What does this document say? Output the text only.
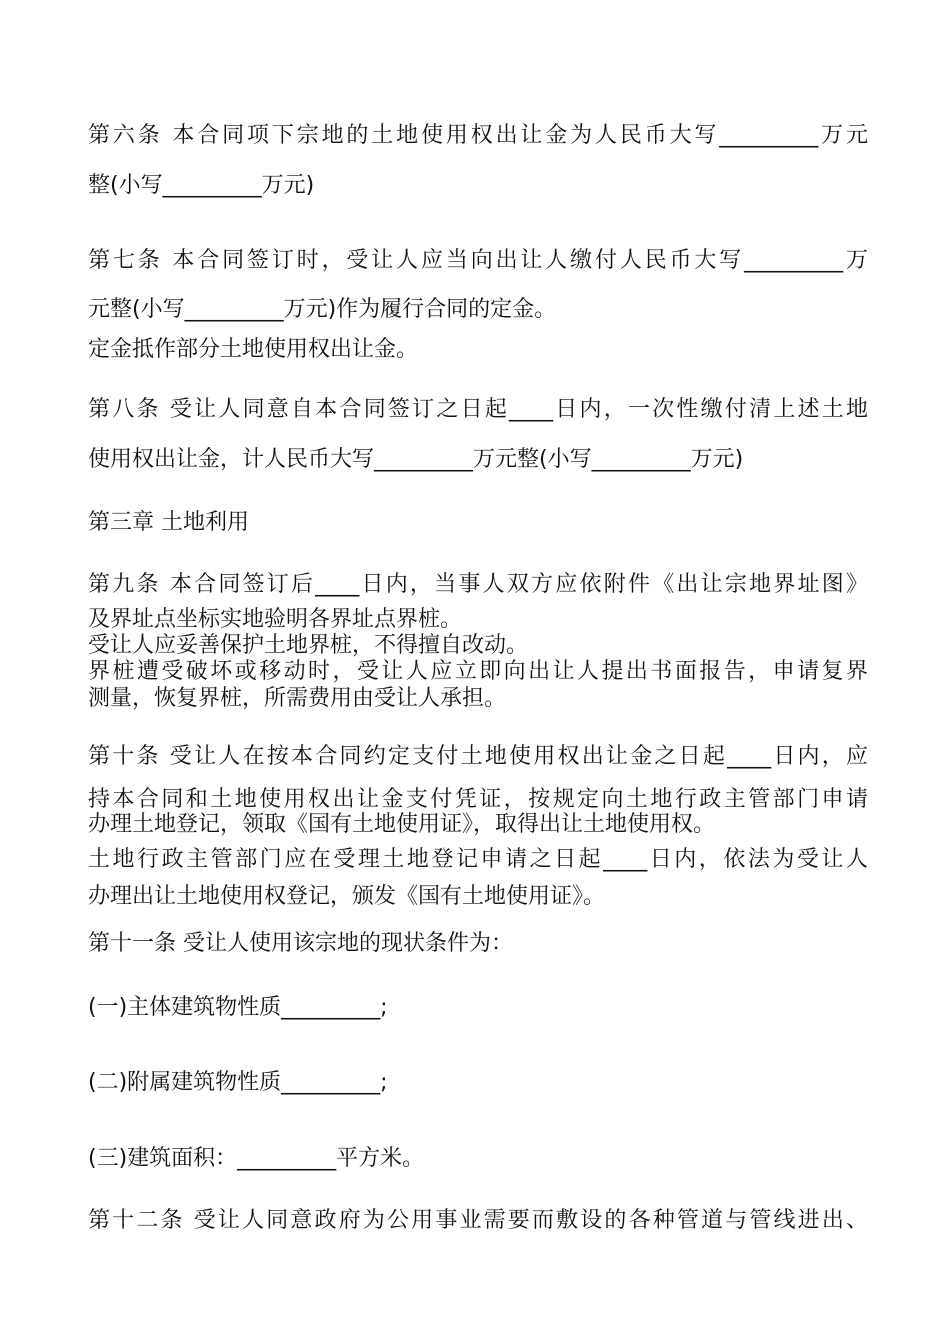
第六条 本合同项下宗地的土地使用权出让金为人民币大写_________万元
整(小写_________万元)
第七条 本合同签订时，受让人应当向出让人缴付人民币大写_________万
元整(小写_________万元)作为履行合同的定金。
定金抵作部分土地使用权出让金。
第八条 受让人同意自本合同签订之日起____日内，一次性缴付清上述土地
使用权出让金，计人民币大写_________万元整(小写_________万元)
第三章 土地利用
第九条 本合同签订后____日内，当事人双方应依附件《出让宗地界址图》
及界址点坐标实地验明各界址点界桩。
受让人应妥善保护土地界桩，不得擅自改动。
界桩遭受破坏或移动时，受让人应立即向出让人提出书面报告，申请复界
测量，恢复界桩，所需费用由受让人承担。
第十条 受让人在按本合同约定支付土地使用权出让金之日起____日内，应
持本合同和土地使用权出让金支付凭证，按规定向土地行政主管部门申请
办理土地登记，领取《国有土地使用证》，取得出让土地使用权。
土地行政主管部门应在受理土地登记申请之日起____日内，依法为受让人
办理出让土地使用权登记，颁发《国有土地使用证》。
第十一条 受让人使用该宗地的现状条件为：
(一)主体建筑物性质_________;
(二)附属建筑物性质_________;
(三)建筑面积：_________平方米。
第十二条 受让人同意政府为公用事业需要而敷设的各种管道与管线进出、
